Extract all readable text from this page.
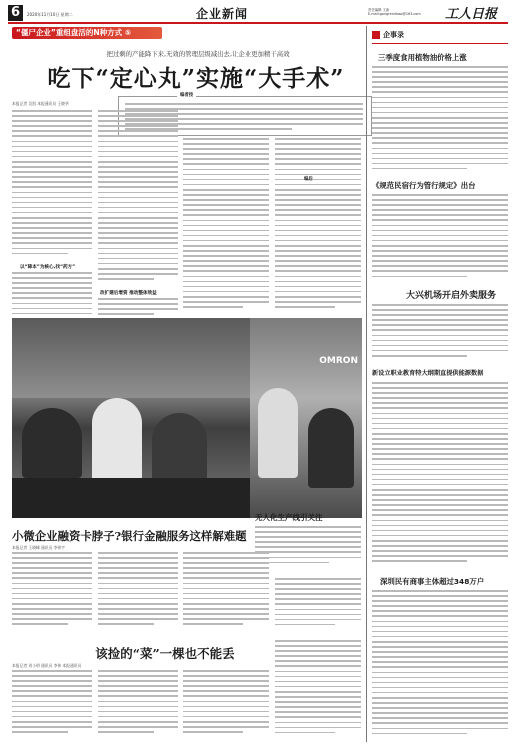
6	2020年11月10日 星期二	企业新闻	责任编辑 王新
E-mail:gongrenribao@163.com	工人日报
“僵尸企业”重组盘活的N种方式 ⑤
把过剩的产能降下来,无效的管理层级减出去,让企业更加精干高效
吃下“定心丸”实施“大手术”
编者按
本报记者 吴凯 本报通讯员 王晓华
以“降本”为核心,找“药方”
改扩建后增资 推动整体效益
编后
OMRON
无人化生产线引关注
小微企业融资卡脖子?银行金融服务这样解难题
本报记者 王晓峰 通讯员 李伟宇
该捡的“菜”一棵也不能丢
本报记者 刘小明 通讯员 李伟 本报通讯员
企事录
三季度食用植物油价格上涨
《规范民宿行为管行规定》出台
大兴机场开启外卖服务
新设立职业教育特大纲期直提供能源数据
深圳民有商事主体超过348万户
